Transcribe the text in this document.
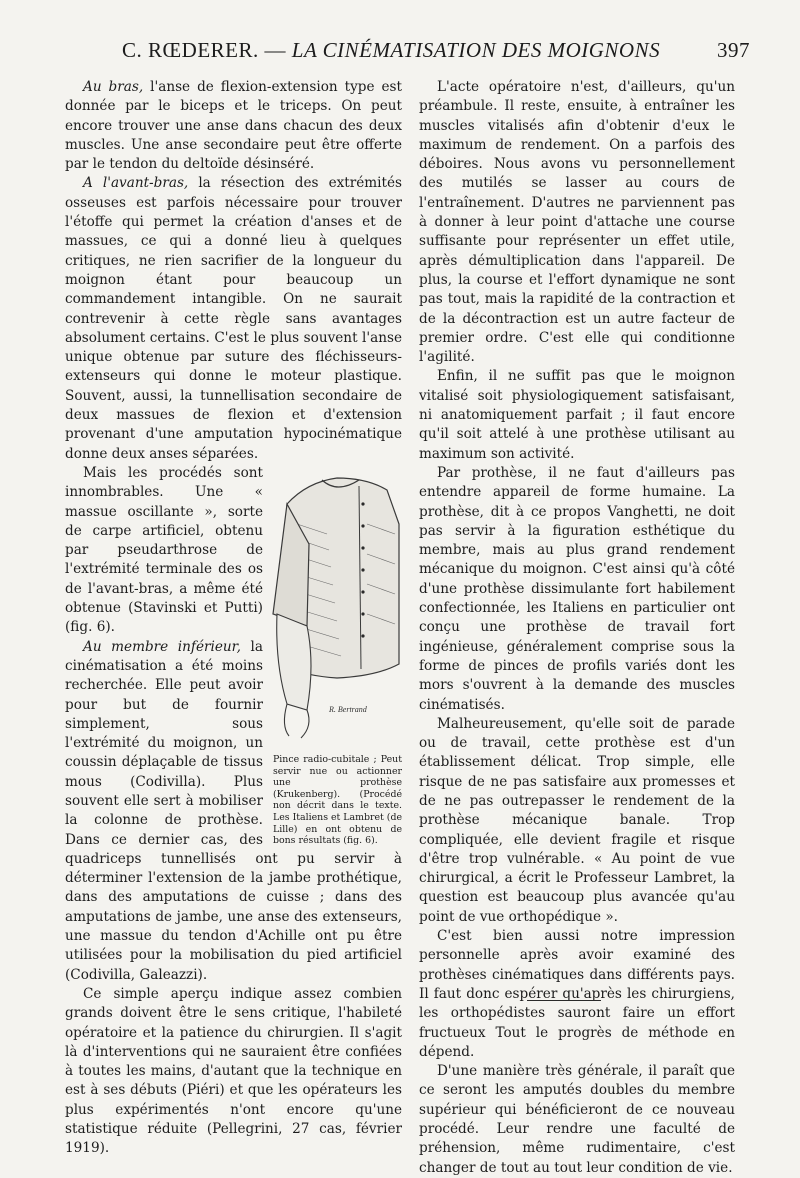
C. RŒDERER. — LA CINÉMATISATION DES MOIGNONS	397

Au bras, l'anse de flexion-extension type est donnée par le biceps et le triceps. On peut encore trouver une anse dans chacun des deux muscles. Une anse secondaire peut être offerte par le tendon du deltoïde désinséré.

A l'avant-bras, la résection des extrémités osseuses est parfois nécessaire pour trouver l'étoffe qui permet la création d'anses et de massues, ce qui a donné lieu à quelques critiques, ne rien sacrifier de la longueur du moignon étant pour beaucoup un commandement intangible. On ne saurait contrevenir à cette règle sans avantages absolument certains. C'est le plus souvent l'anse unique obtenue par suture des fléchisseurs-extenseurs qui donne le moteur plastique. Souvent, aussi, la tunnellisation secondaire de deux massues de flexion et d'extension provenant d'une amputation hypocinématique donne deux anses séparées.

R. Bertrand
Pince radio-cubitale ; Peut servir nue ou actionner une prothèse (Krukenberg). (Procédé non décrit dans le texte. Les Italiens et Lambret (de Lille) en ont obtenu de bons résultats (fig. 6).

Mais les procédés sont innombrables. Une « massue oscillante », sorte de carpe artificiel, obtenu par pseudarthrose de l'extrémité terminale des os de l'avant-bras, a même été obtenue (Stavinski et Putti) (fig. 6).

Au membre inférieur, la cinématisation a été moins recherchée. Elle peut avoir pour but de fournir simplement, sous l'extrémité du moignon, un coussin déplaçable de tissus mous (Codivilla). Plus souvent elle sert à mobiliser la colonne de prothèse. Dans ce dernier cas, des quadriceps tunnellisés ont pu servir à déterminer l'extension de la jambe prothétique, dans des amputations de cuisse ; dans des amputations de jambe, une anse des extenseurs, une massue du tendon d'Achille ont pu être utilisées pour la mobilisation du pied artificiel (Codivilla, Galeazzi).

Ce simple aperçu indique assez combien grands doivent être le sens critique, l'habileté opératoire et la patience du chirurgien. Il s'agit là d'interventions qui ne sauraient être confiées à toutes les mains, d'autant que la technique en est à ses débuts (Piéri) et que les opérateurs les plus expérimentés n'ont encore qu'une statistique réduite (Pellegrini, 27 cas, février 1919).

L'acte opératoire n'est, d'ailleurs, qu'un préambule. Il reste, ensuite, à entraîner les muscles vitalisés afin d'obtenir d'eux le maximum de rendement. On a parfois des déboires. Nous avons vu personnellement des mutilés se lasser au cours de l'entraînement. D'autres ne parviennent pas à donner à leur point d'attache une course suffisante pour représenter un effet utile, après démultiplication dans l'appareil. De plus, la course et l'effort dynamique ne sont pas tout, mais la rapidité de la contraction et de la décontraction est un autre facteur de premier ordre. C'est elle qui conditionne l'agilité.

Enfin, il ne suffit pas que le moignon vitalisé soit physiologiquement satisfaisant, ni anatomiquement parfait ; il faut encore qu'il soit attelé à une prothèse utilisant au maximum son activité.

Par prothèse, il ne faut d'ailleurs pas entendre appareil de forme humaine. La prothèse, dit à ce propos Vanghetti, ne doit pas servir à la figuration esthétique du membre, mais au plus grand rendement mécanique du moignon. C'est ainsi qu'à côté d'une prothèse dissimulante fort habilement confectionnée, les Italiens en particulier ont conçu une prothèse de travail fort ingénieuse, généralement comprise sous la forme de pinces de profils variés dont les mors s'ouvrent à la demande des muscles cinématisés.

Malheureusement, qu'elle soit de parade ou de travail, cette prothèse est d'un établissement délicat. Trop simple, elle risque de ne pas satisfaire aux promesses et de ne pas outrepasser le rendement de la prothèse mécanique banale. Trop compliquée, elle devient fragile et risque d'être trop vulnérable. « Au point de vue chirurgical, a écrit le Professeur Lambret, la question est beaucoup plus avancée qu'au point de vue orthopédique ».

C'est bien aussi notre impression personnelle après avoir examiné des prothèses cinématiques dans différents pays. Il faut donc espérer qu'après les chirurgiens, les orthopédistes sauront faire un effort fructueux Tout le progrès de méthode en dépend.

D'une manière très générale, il paraît que ce seront les amputés doubles du membre supérieur qui bénéficieront de ce nouveau procédé. Leur rendre une faculté de préhension, même rudimentaire, c'est changer de tout au tout leur condition de vie.
